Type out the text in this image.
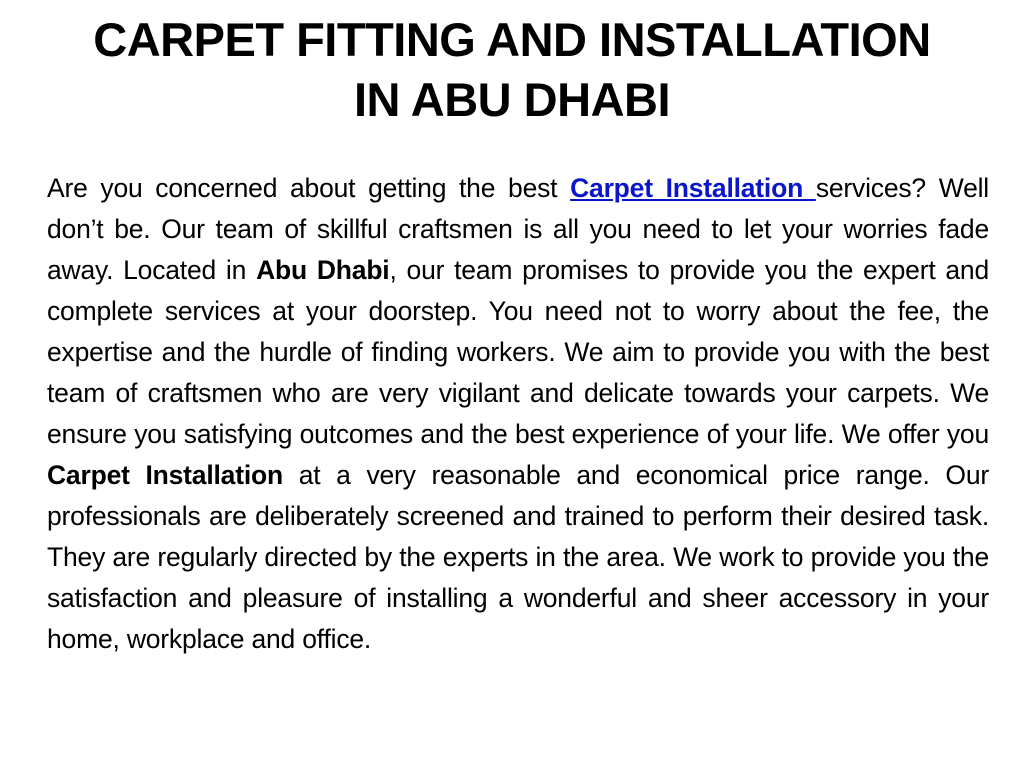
CARPET FITTING AND INSTALLATION
IN ABU DHABI

Are you concerned about getting the best Carpet Installation services? Well don’t be. Our team of skillful craftsmen is all you need to let your worries fade away. Located in Abu Dhabi, our team promises to provide you the expert and complete services at your doorstep. You need not to worry about the fee, the expertise and the hurdle of finding workers. We aim to provide you with the best team of craftsmen who are very vigilant and delicate towards your carpets. We ensure you satisfying outcomes and the best experience of your life. We offer you Carpet Installation at a very reasonable and economical price range. Our professionals are deliberately screened and trained to perform their desired task. They are regularly directed by the experts in the area. We work to provide you the satisfaction and pleasure of installing a wonderful and sheer accessory in your home, workplace and office.
